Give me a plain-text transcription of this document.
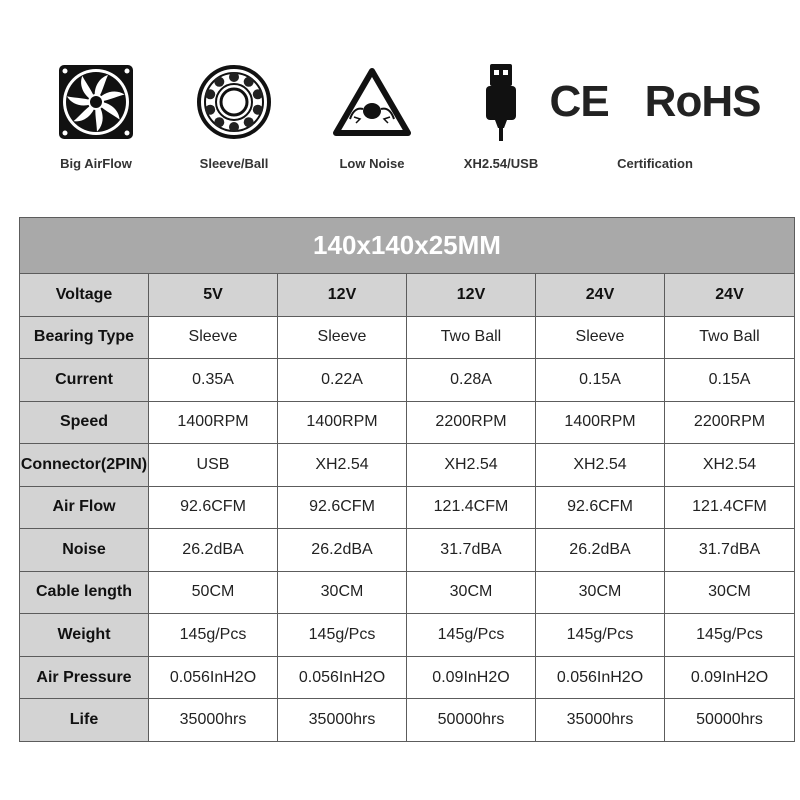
Big AirFlow	Sleeve/Ball	Low Noise	XH2.54/USB
CE RoHS
Certification
140x140x25MM					
Voltage	5V	12V	12V	24V	24V
Bearing Type	Sleeve	Sleeve	Two Ball	Sleeve	Two Ball
Current	0.35A	0.22A	0.28A	0.15A	0.15A
Speed	1400RPM	1400RPM	2200RPM	1400RPM	2200RPM
Connector(2PIN)	USB	XH2.54	XH2.54	XH2.54	XH2.54
Air Flow	92.6CFM	92.6CFM	121.4CFM	92.6CFM	121.4CFM
Noise	26.2dBA	26.2dBA	31.7dBA	26.2dBA	31.7dBA
Cable length	50CM	30CM	30CM	30CM	30CM
Weight	145g/Pcs	145g/Pcs	145g/Pcs	145g/Pcs	145g/Pcs
Air Pressure	0.056InH2O	0.056InH2O	0.09InH2O	0.056InH2O	0.09InH2O
Life	35000hrs	35000hrs	50000hrs	35000hrs	50000hrs
